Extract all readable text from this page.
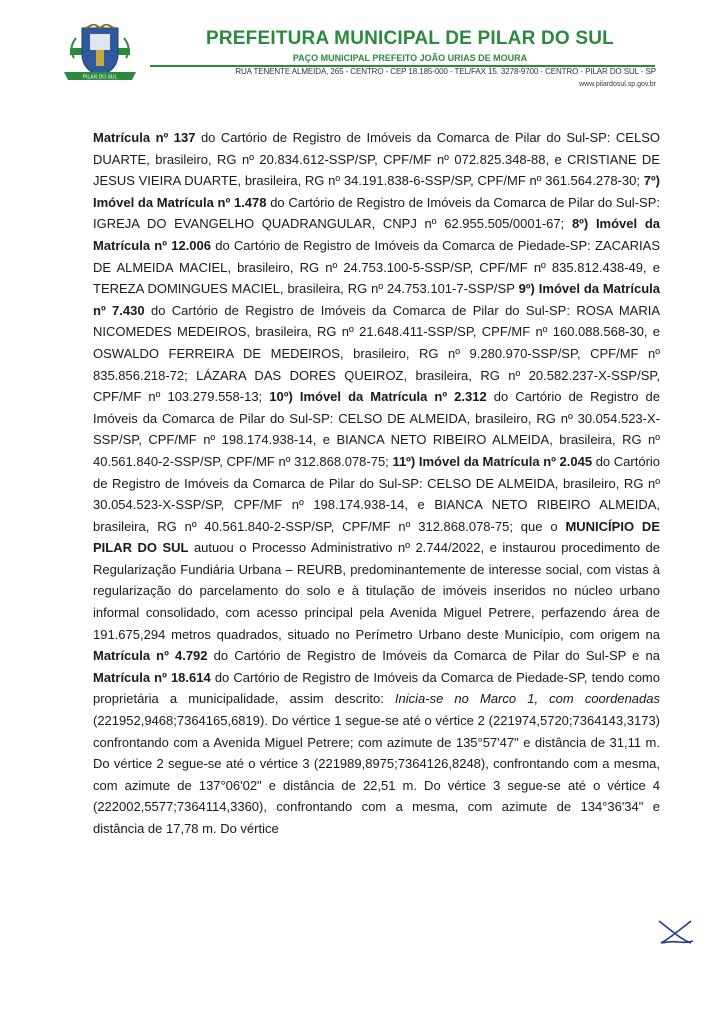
PILAR DO SUL
PREFEITURA MUNICIPAL DE PILAR DO SUL
PAÇO MUNICIPAL PREFEITO JOÃO URIAS DE MOURA
RUA TENENTE ALMEIDA, 265 - CENTRO - CEP 18.185-000 - TEL/FAX 15. 3278-9700 - CENTRO - PILAR DO SUL - SP
www.pilardosul.sp.gov.br
Matrícula nº 137 do Cartório de Registro de Imóveis da Comarca de Pilar do Sul-SP: CELSO DUARTE, brasileiro, RG nº 20.834.612-SSP/SP, CPF/MF nº 072.825.348-88, e CRISTIANE DE JESUS VIEIRA DUARTE, brasileira, RG nº 34.191.838-6-SSP/SP, CPF/MF nº 361.564.278-30; 7º) Imóvel da Matrícula nº 1.478 do Cartório de Registro de Imóveis da Comarca de Pilar do Sul-SP: IGREJA DO EVANGELHO QUADRANGULAR, CNPJ nº 62.955.505/0001-67; 8º) Imóvel da Matrícula nº 12.006 do Cartório de Registro de Imóveis da Comarca de Piedade-SP: ZACARIAS DE ALMEIDA MACIEL, brasileiro, RG nº 24.753.100-5-SSP/SP, CPF/MF nº 835.812.438-49, e TEREZA DOMINGUES MACIEL, brasileira, RG nº 24.753.101-7-SSP/SP 9º) Imóvel da Matrícula nº 7.430 do Cartório de Registro de Imóveis da Comarca de Pilar do Sul-SP: ROSA MARIA NICOMEDES MEDEIROS, brasileira, RG nº 21.648.411-SSP/SP, CPF/MF nº 160.088.568-30, e OSWALDO FERREIRA DE MEDEIROS, brasileiro, RG nº 9.280.970-SSP/SP, CPF/MF nº 835.856.218-72; LÁZARA DAS DORES QUEIROZ, brasileira, RG nº 20.582.237-X-SSP/SP, CPF/MF nº 103.279.558-13; 10º) Imóvel da Matrícula nº 2.312 do Cartório de Registro de Imóveis da Comarca de Pilar do Sul-SP: CELSO DE ALMEIDA, brasileiro, RG nº 30.054.523-X-SSP/SP, CPF/MF nº 198.174.938-14, e BIANCA NETO RIBEIRO ALMEIDA, brasileira, RG nº 40.561.840-2-SSP/SP, CPF/MF nº 312.868.078-75; 11º) Imóvel da Matrícula nº 2.045 do Cartório de Registro de Imóveis da Comarca de Pilar do Sul-SP: CELSO DE ALMEIDA, brasileiro, RG nº 30.054.523-X-SSP/SP, CPF/MF nº 198.174.938-14, e BIANCA NETO RIBEIRO ALMEIDA, brasileira, RG nº 40.561.840-2-SSP/SP, CPF/MF nº 312.868.078-75; que o MUNICÍPIO DE PILAR DO SUL autuou o Processo Administrativo nº 2.744/2022, e instaurou procedimento de Regularização Fundiária Urbana – REURB, predominantemente de interesse social, com vistas à regularização do parcelamento do solo e à titulação de imóveis inseridos no núcleo urbano informal consolidado, com acesso principal pela Avenida Miguel Petrere, perfazendo área de 191.675,294 metros quadrados, situado no Perímetro Urbano deste Município, com origem na Matrícula nº 4.792 do Cartório de Registro de Imóveis da Comarca de Pilar do Sul-SP e na Matrícula nº 18.614 do Cartório de Registro de Imóveis da Comarca de Piedade-SP, tendo como proprietária a municipalidade, assim descrito: Inicia-se no Marco 1, com coordenadas (221952,9468;7364165,6819). Do vértice 1 segue-se até o vértice 2 (221974,5720;7364143,3173) confrontando com a Avenida Miguel Petrere; com azimute de 135°57'47" e distância de 31,11 m. Do vértice 2 segue-se até o vértice 3 (221989,8975;7364126,8248), confrontando com a mesma, com azimute de 137°06'02" e distância de 22,51 m. Do vértice 3 segue-se até o vértice 4 (222002,5577;7364114,3360), confrontando com a mesma, com azimute de 134°36'34" e distância de 17,78 m. Do vértice
